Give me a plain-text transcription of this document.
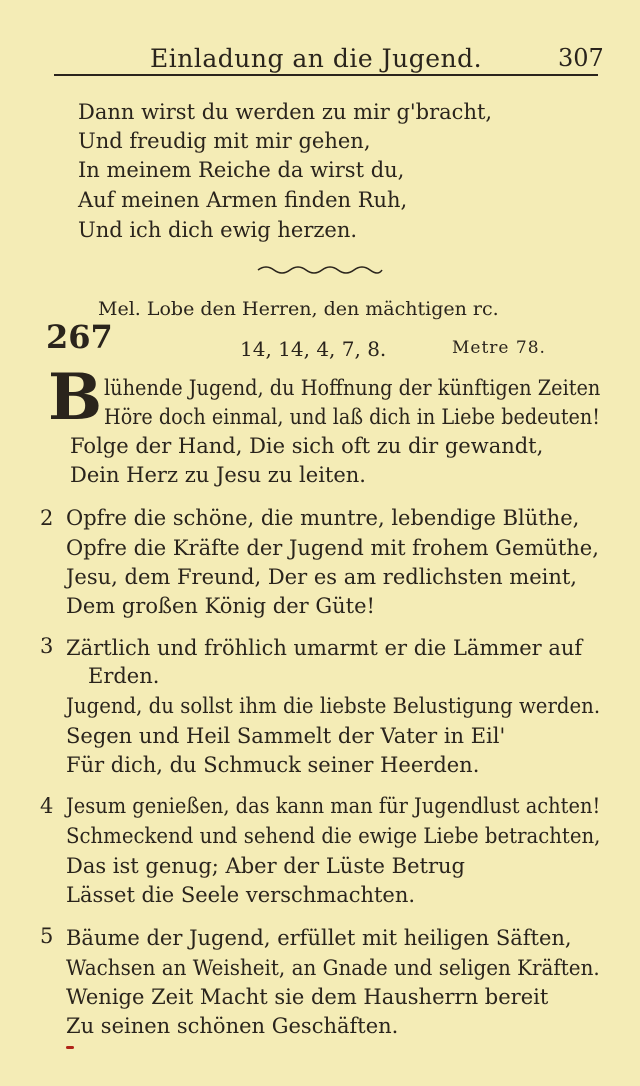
Einladung an die Jugend.	307
Dann wirst du werden zu mir g'bracht,
Und freudig mit mir gehen,
In meinem Reiche da wirst du,
Auf meinen Armen finden Ruh,
Und ich dich ewig herzen.
Mel. Lobe den Herren, den mächtigen rc.
267	14, 14, 4, 7, 8.	Metre 78.
B lühende Jugend, du Hoffnung der künftigen Zeiten
Höre doch einmal, und laß dich in Liebe bedeuten!
Folge der Hand, Die sich oft zu dir gewandt,
Dein Herz zu Jesu zu leiten.
2 Opfre die schöne, die muntre, lebendige Blüthe,
Opfre die Kräfte der Jugend mit frohem Gemüthe,
Jesu, dem Freund, Der es am redlichsten meint,
Dem großen König der Güte!
3 Zärtlich und fröhlich umarmt er die Lämmer auf
Erden.
Jugend, du sollst ihm die liebste Belustigung werden.
Segen und Heil Sammelt der Vater in Eil'
Für dich, du Schmuck seiner Heerden.
4 Jesum genießen, das kann man für Jugendlust achten!
Schmeckend und sehend die ewige Liebe betrachten,
Das ist genug; Aber der Lüste Betrug
Lässet die Seele verschmachten.
5 Bäume der Jugend, erfüllet mit heiligen Säften,
Wachsen an Weisheit, an Gnade und seligen Kräften.
Wenige Zeit Macht sie dem Hausherrn bereit
Zu seinen schönen Geschäften.
